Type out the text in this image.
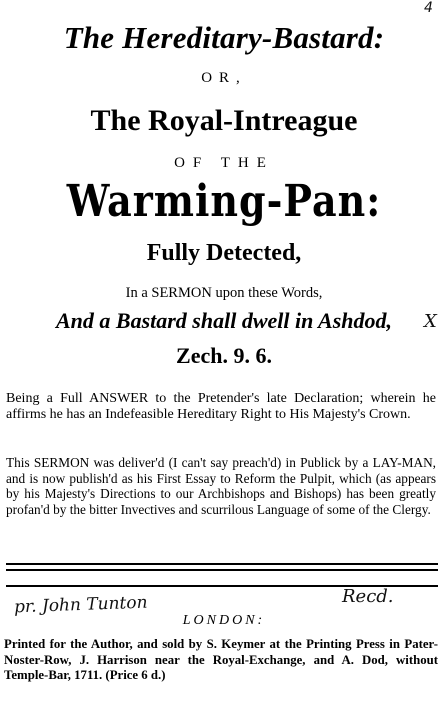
The Hereditary-Bastard:
OR,
The Royal-Intreague
OF THE
Warming-Pan:
Fully Detected,
In a SERMON upon these Words,
And a Bastard shall dwell in Ashdod,
Zech. 9. 6.
Being a Full ANSWER to the Pretender's late Declaration; wherein he affirms he has an Indefeasible Hereditary Right to His Majesty's Crown.
This SERMON was deliver'd (I can't say preach'd) in Publick by a LAY-MAN, and is now publish'd as his First Essay to Reform the Pulpit, which (as appears by his Majesty's Directions to our Archbishops and Bishops) has been greatly profan'd by the bitter Invectives and scurrilous Language of some of the Clergy.
pr. John Tunton	Recd.
4
X
LONDON:
Printed for the Author, and sold by S. Keymer at the Printing Press in Pater-Noster-Row, J. Harrison near the Royal-Exchange, and A. Dod, without Temple-Bar, 1711. (Price 6 d.)
